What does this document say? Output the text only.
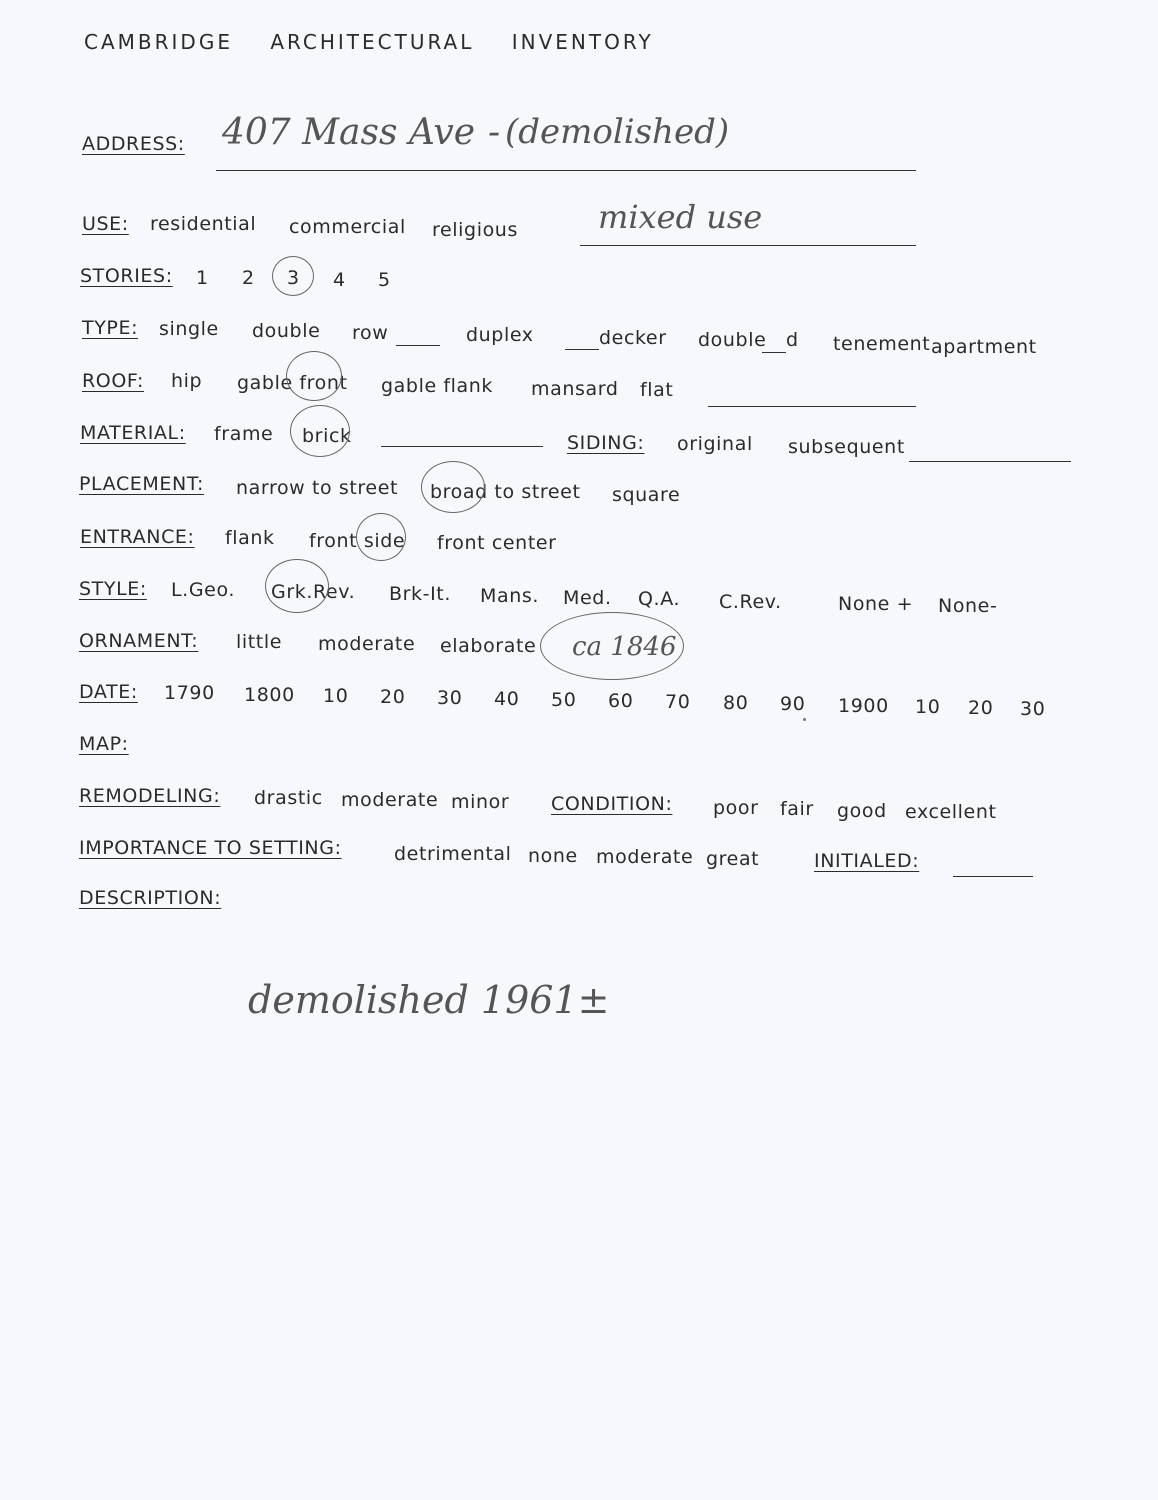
CAMBRIDGE ARCHITECTURAL INVENTORY
ADDRESS: 407 Mass Ave - (demolished)
USE: residential commercial religious	mixed use
STORIES: 1 2 3 4 5
TYPE: single double row	duplex	decker double d tenement apartment
ROOF: hip gable front gable flank mansard flat
MATERIAL: frame brick	SIDING: original subsequent
PLACEMENT: narrow to street broad to street square
ENTRANCE: flank front side front center
STYLE: L.Geo. Grk.Rev. Brk-It. Mans. Med. Q.A. C.Rev.	None + None-
ORNAMENT: little moderate elaborate ca 1846
DATE: 1790 1800 10 20 30 40 50 60 70 80 90 1900 10 20 30
MAP:
REMODELING: drastic moderate minor CONDITION: poor fair good excellent
IMPORTANCE TO SETTING:	detrimental none moderate great	INITIALED:
DESCRIPTION:
demolished 1961±
